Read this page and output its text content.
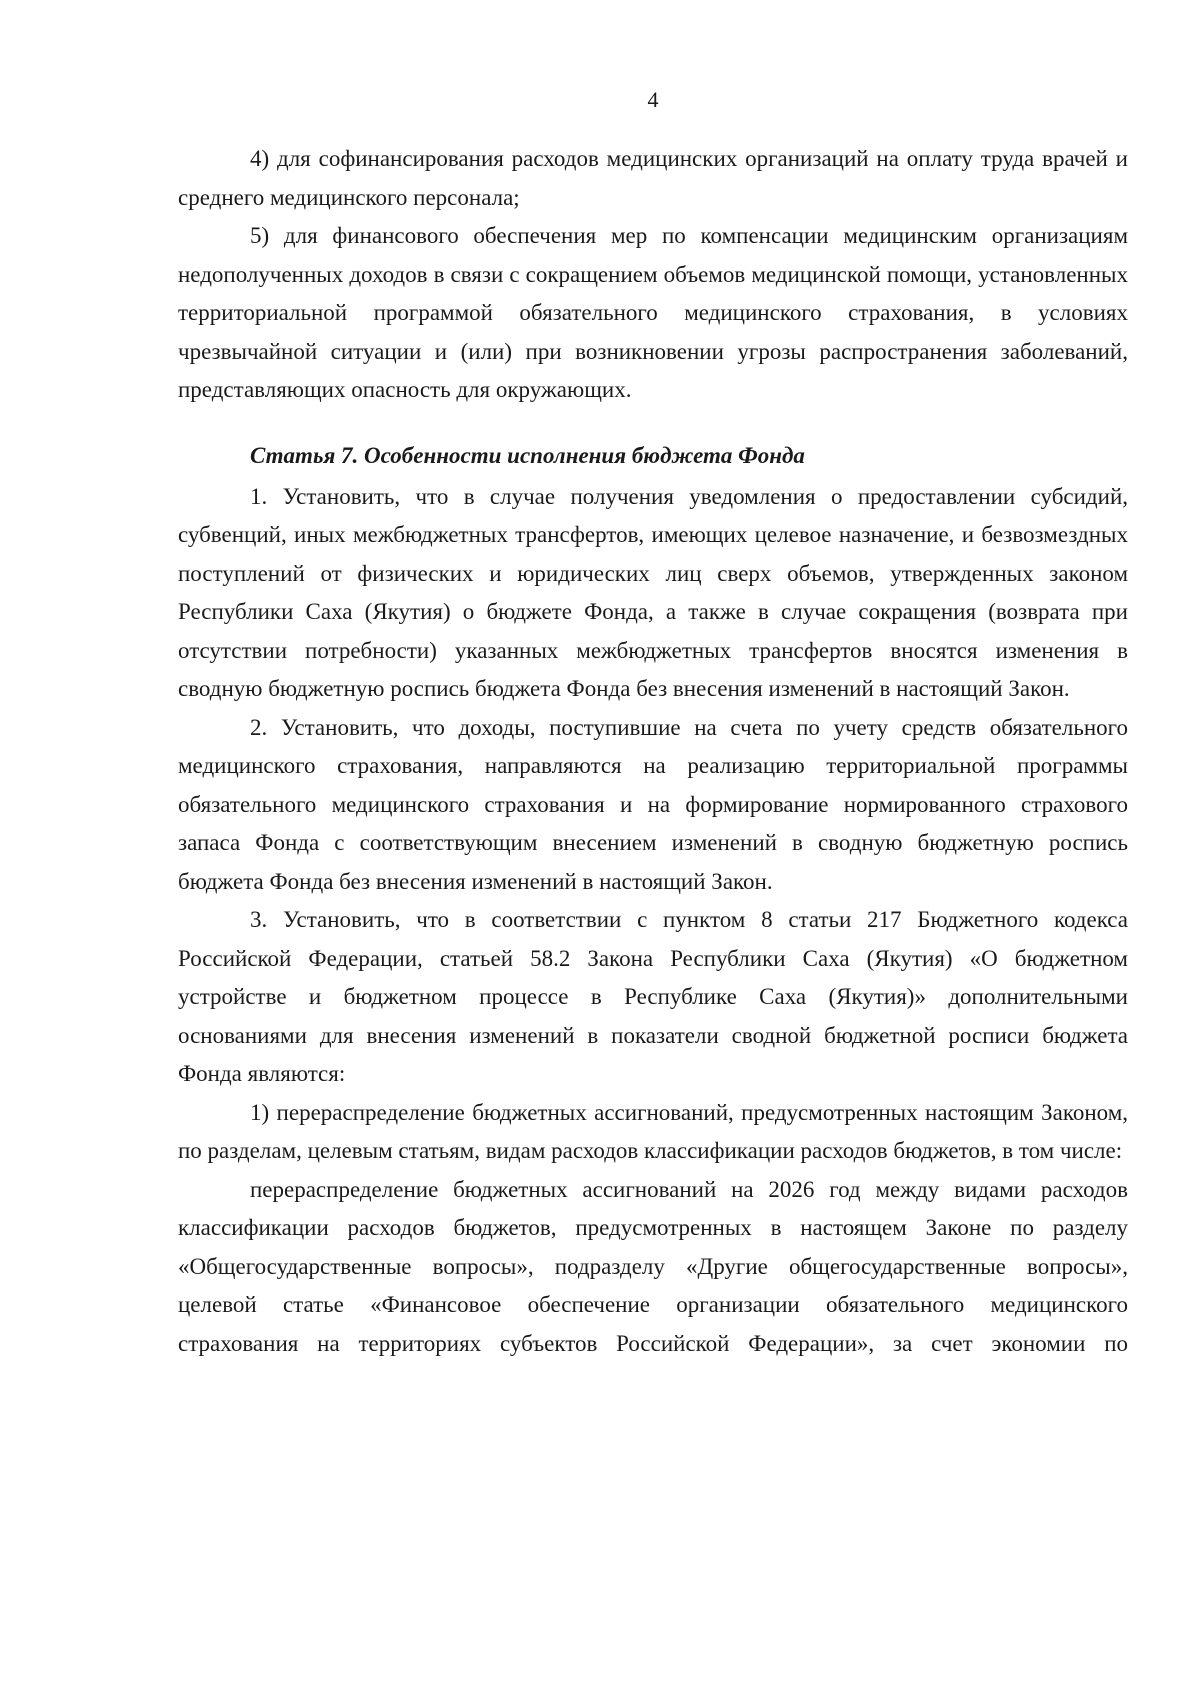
4

4) для софинансирования расходов медицинских организаций на оплату труда врачей и среднего медицинского персонала;

5) для финансового обеспечения мер по компенсации медицинским организациям недополученных доходов в связи с сокращением объемов медицинской помощи, установленных территориальной программой обязательного медицинского страхования, в условиях чрезвычайной ситуации и (или) при возникновении угрозы распространения заболеваний, представляющих опасность для окружающих.

Статья 7. Особенности исполнения бюджета Фонда

1. Установить, что в случае получения уведомления о предоставлении субсидий, субвенций, иных межбюджетных трансфертов, имеющих целевое назначение, и безвозмездных поступлений от физических и юридических лиц сверх объемов, утвержденных законом Республики Саха (Якутия) о бюджете Фонда, а также в случае сокращения (возврата при отсутствии потребности) указанных межбюджетных трансфертов вносятся изменения в сводную бюджетную роспись бюджета Фонда без внесения изменений в настоящий Закон.

2. Установить, что доходы, поступившие на счета по учету средств обязательного медицинского страхования, направляются на реализацию территориальной программы обязательного медицинского страхования и на формирование нормированного страхового запаса Фонда с соответствующим внесением изменений в сводную бюджетную роспись бюджета Фонда без внесения изменений в настоящий Закон.

3. Установить, что в соответствии с пунктом 8 статьи 217 Бюджетного кодекса Российской Федерации, статьей 58.2 Закона Республики Саха (Якутия) «О бюджетном устройстве и бюджетном процессе в Республике Саха (Якутия)» дополнительными основаниями для внесения изменений в показатели сводной бюджетной росписи бюджета Фонда являются:

1) перераспределение бюджетных ассигнований, предусмотренных настоящим Законом, по разделам, целевым статьям, видам расходов классификации расходов бюджетов, в том числе:

перераспределение бюджетных ассигнований на 2026 год между видами расходов классификации расходов бюджетов, предусмотренных в настоящем Законе по разделу «Общегосударственные вопросы», подразделу «Другие общегосударственные вопросы», целевой статье «Финансовое обеспечение организации обязательного медицинского страхования на территориях субъектов Российской Федерации», за счет экономии по
